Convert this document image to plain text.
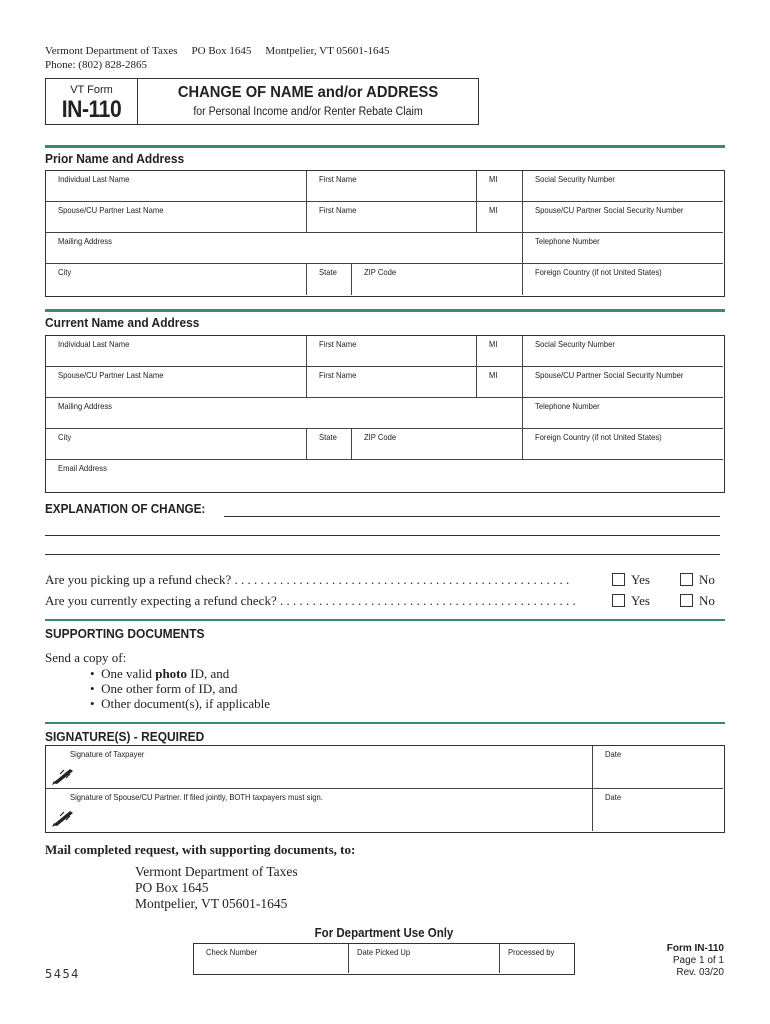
Vermont Department of Taxes PO Box 1645 Montpelier, VT 05601-1645
Phone: (802) 828-2865
VT Form
IN-110
CHANGE OF NAME and/or ADDRESS
for Personal Income and/or Renter Rebate Claim
Prior Name and Address
Individual Last Name	First Name	MI	Social Security Number
Spouse/CU Partner Last Name	First Name	MI	Spouse/CU Partner Social Security Number
Mailing Address	Telephone Number
City	State	ZIP Code	Foreign Country (if not United States)
Current Name and Address
Individual Last Name	First Name	MI	Social Security Number
Spouse/CU Partner Last Name	First Name	MI	Spouse/CU Partner Social Security Number
Mailing Address	Telephone Number
City	State	ZIP Code	Foreign Country (if not United States)
Email Address
EXPLANATION OF CHANGE:
Are you picking up a refund check? . . . . . . . . . . . . . . . . . . . . . . . . . . . . . . . . . . . . . . . . . . . . . . . . . . . .	Yes	No
Are you currently expecting a refund check? . . . . . . . . . . . . . . . . . . . . . . . . . . . . . . . . . . . . . . . . . . . . . .	Yes	No
SUPPORTING DOCUMENTS
Send a copy of:
•  One valid photo ID, and
•  One other form of ID, and
•  Other document(s), if applicable
SIGNATURE(S) - REQUIRED
Signature of Taxpayer	Date
Signature of Spouse/CU Partner. If filed jointly, BOTH taxpayers must sign.	Date
Mail completed request, with supporting documents, to:
Vermont Department of Taxes
PO Box 1645
Montpelier, VT 05601-1645
For Department Use Only
Check Number	Date Picked Up	Processed by
5454
Form IN-110
Page 1 of 1
Rev. 03/20
